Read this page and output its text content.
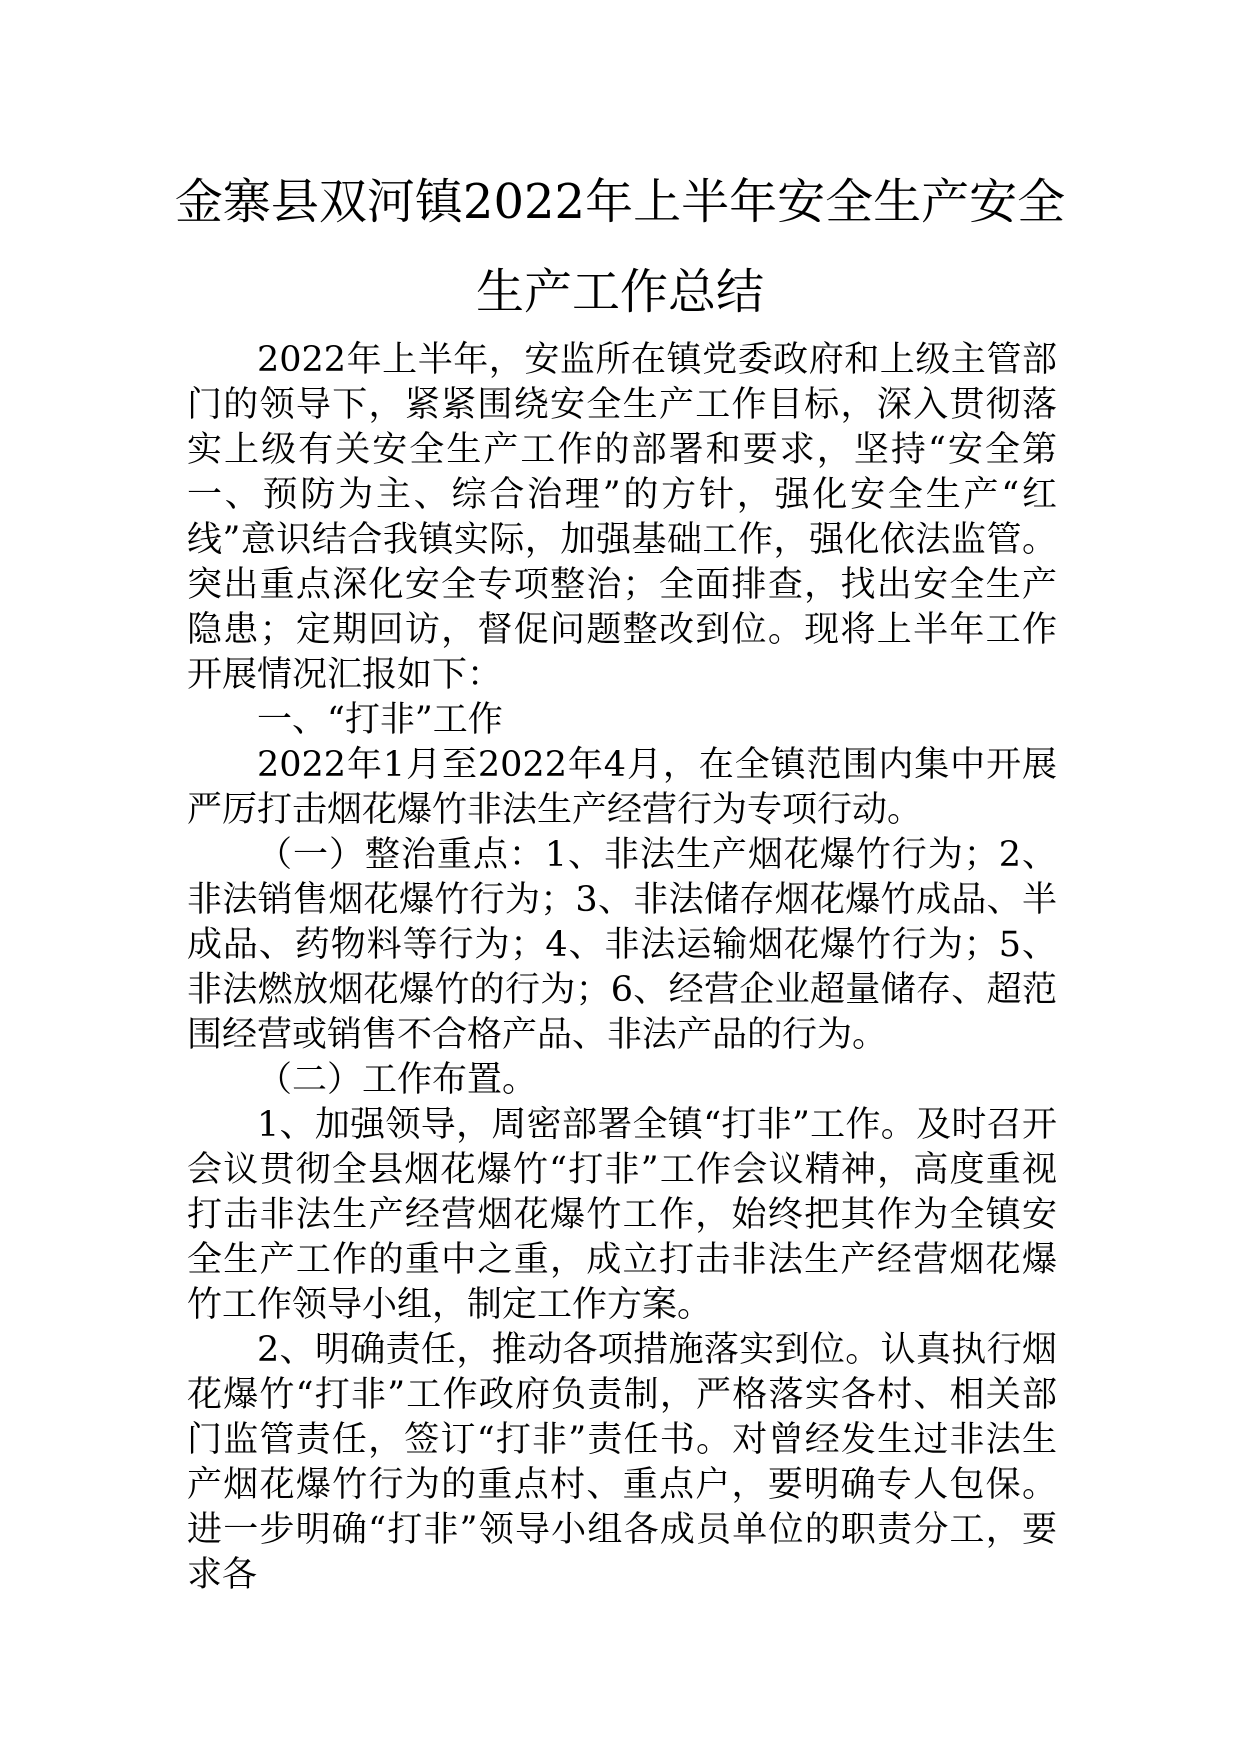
金寨县双河镇2022年上半年安全生产安全
生产工作总结

2022年上半年，安监所在镇党委政府和上级主管部门的领导下，紧紧围绕安全生产工作目标，深入贯彻落实上级有关安全生产工作的部署和要求，坚持“安全第一、预防为主、综合治理”的方针，强化安全生产“红线”意识结合我镇实际，加强基础工作，强化依法监管。突出重点深化安全专项整治；全面排查，找出安全生产隐患；定期回访，督促问题整改到位。现将上半年工作开展情况汇报如下：

一、“打非”工作

2022年1月至2022年4月，在全镇范围内集中开展严厉打击烟花爆竹非法生产经营行为专项行动。

（一）整治重点：1、非法生产烟花爆竹行为；2、非法销售烟花爆竹行为；3、非法储存烟花爆竹成品、半成品、药物料等行为；4、非法运输烟花爆竹行为；5、非法燃放烟花爆竹的行为；6、经营企业超量储存、超范围经营或销售不合格产品、非法产品的行为。

（二）工作布置。

1、加强领导，周密部署全镇“打非”工作。及时召开会议贯彻全县烟花爆竹“打非”工作会议精神，高度重视打击非法生产经营烟花爆竹工作，始终把其作为全镇安全生产工作的重中之重，成立打击非法生产经营烟花爆竹工作领导小组，制定工作方案。

2、明确责任，推动各项措施落实到位。认真执行烟花爆竹“打非”工作政府负责制，严格落实各村、相关部门监管责任，签订“打非”责任书。对曾经发生过非法生产烟花爆竹行为的重点村、重点户，要明确专人包保。进一步明确“打非”领导小组各成员单位的职责分工，要求各
